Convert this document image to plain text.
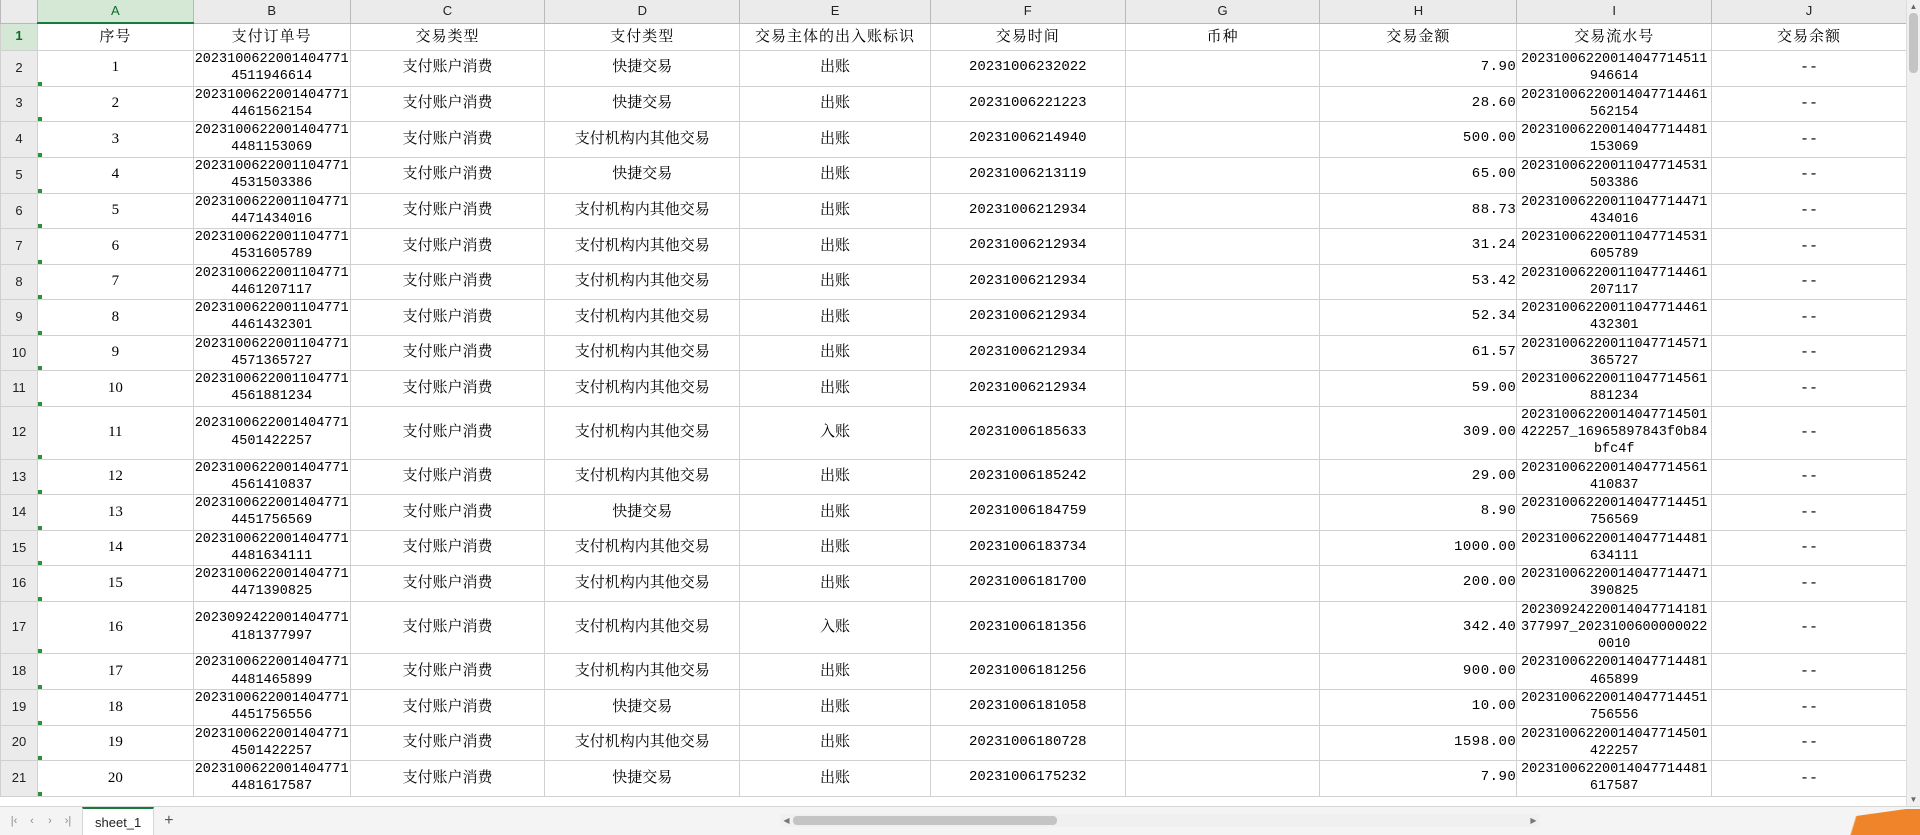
	A	B	C	D	E	F	G	H	I	J
1	序号	支付订单号	交易类型	支付类型	交易主体的出入账标识	交易时间	币种	交易金额	交易流水号	交易余额
2	1	20231006220014047714511946614	支付账户消费	快捷交易	出账	20231006232022		7.90	20231006220014047714511946614	--
3	2	20231006220014047714461562154	支付账户消费	快捷交易	出账	20231006221223		28.60	20231006220014047714461562154	--
4	3	20231006220014047714481153069	支付账户消费	支付机构内其他交易	出账	20231006214940		500.00	20231006220014047714481153069	--
5	4	20231006220011047714531503386	支付账户消费	快捷交易	出账	20231006213119		65.00	20231006220011047714531503386	--
6	5	20231006220011047714471434016	支付账户消费	支付机构内其他交易	出账	20231006212934		88.73	20231006220011047714471434016	--
7	6	20231006220011047714531605789	支付账户消费	支付机构内其他交易	出账	20231006212934		31.24	20231006220011047714531605789	--
8	7	20231006220011047714461207117	支付账户消费	支付机构内其他交易	出账	20231006212934		53.42	20231006220011047714461207117	--
9	8	20231006220011047714461432301	支付账户消费	支付机构内其他交易	出账	20231006212934		52.34	20231006220011047714461432301	--
10	9	20231006220011047714571365727	支付账户消费	支付机构内其他交易	出账	20231006212934		61.57	20231006220011047714571365727	--
11	10	20231006220011047714561881234	支付账户消费	支付机构内其他交易	出账	20231006212934		59.00	20231006220011047714561881234	--
12	11	20231006220014047714501422257	支付账户消费	支付机构内其他交易	入账	20231006185633		309.00	20231006220014047714501422257_16965897843f0b84bfc4f	--
13	12	20231006220014047714561410837	支付账户消费	支付机构内其他交易	出账	20231006185242		29.00	20231006220014047714561410837	--
14	13	20231006220014047714451756569	支付账户消费	快捷交易	出账	20231006184759		8.90	20231006220014047714451756569	--
15	14	20231006220014047714481634111	支付账户消费	支付机构内其他交易	出账	20231006183734		1000.00	20231006220014047714481634111	--
16	15	20231006220014047714471390825	支付账户消费	支付机构内其他交易	出账	20231006181700		200.00	20231006220014047714471390825	--
17	16	20230924220014047714181377997	支付账户消费	支付机构内其他交易	入账	20231006181356		342.40	20230924220014047714181377997_20231006000000220010	--
18	17	20231006220014047714481465899	支付账户消费	支付机构内其他交易	出账	20231006181256		900.00	20231006220014047714481465899	--
19	18	20231006220014047714451756556	支付账户消费	快捷交易	出账	20231006181058		10.00	20231006220014047714451756556	--
20	19	20231006220014047714501422257	支付账户消费	支付机构内其他交易	出账	20231006180728		1598.00	20231006220014047714501422257	--
21	20	20231006220014047714481617587	支付账户消费	快捷交易	出账	20231006175232		7.90	20231006220014047714481617587	--
▲
▼
|‹	‹	›	›|	sheet_1	+	◀	▶
